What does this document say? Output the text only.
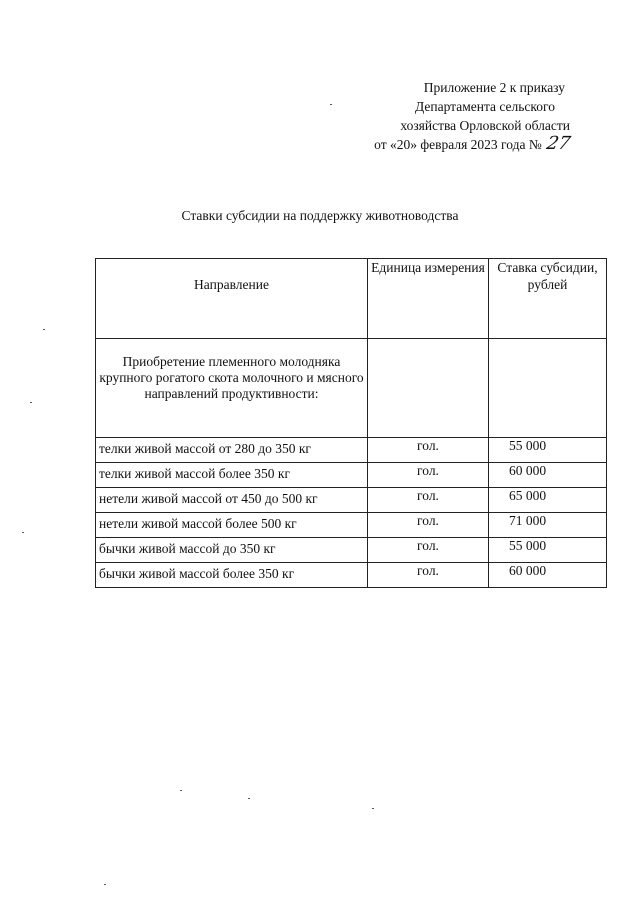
Приложение 2 к приказу
Департамента сельского
хозяйства Орловской области
от «20» февраля 2023 года № 27
Ставки субсидии на поддержку животноводства
Направление	Единица измерения	Ставка субсидии, рублей
Приобретение племенного молодняка крупного рогатого скота молочного и мясного направлений продуктивности:		
телки живой массой от 280 до 350 кг	гол.	55 000
телки живой массой более 350 кг	гол.	60 000
нетели живой массой от 450 до 500 кг	гол.	65 000
нетели живой массой более 500 кг	гол.	71 000
бычки живой массой до 350 кг	гол.	55 000
бычки живой массой более 350 кг	гол.	60 000
